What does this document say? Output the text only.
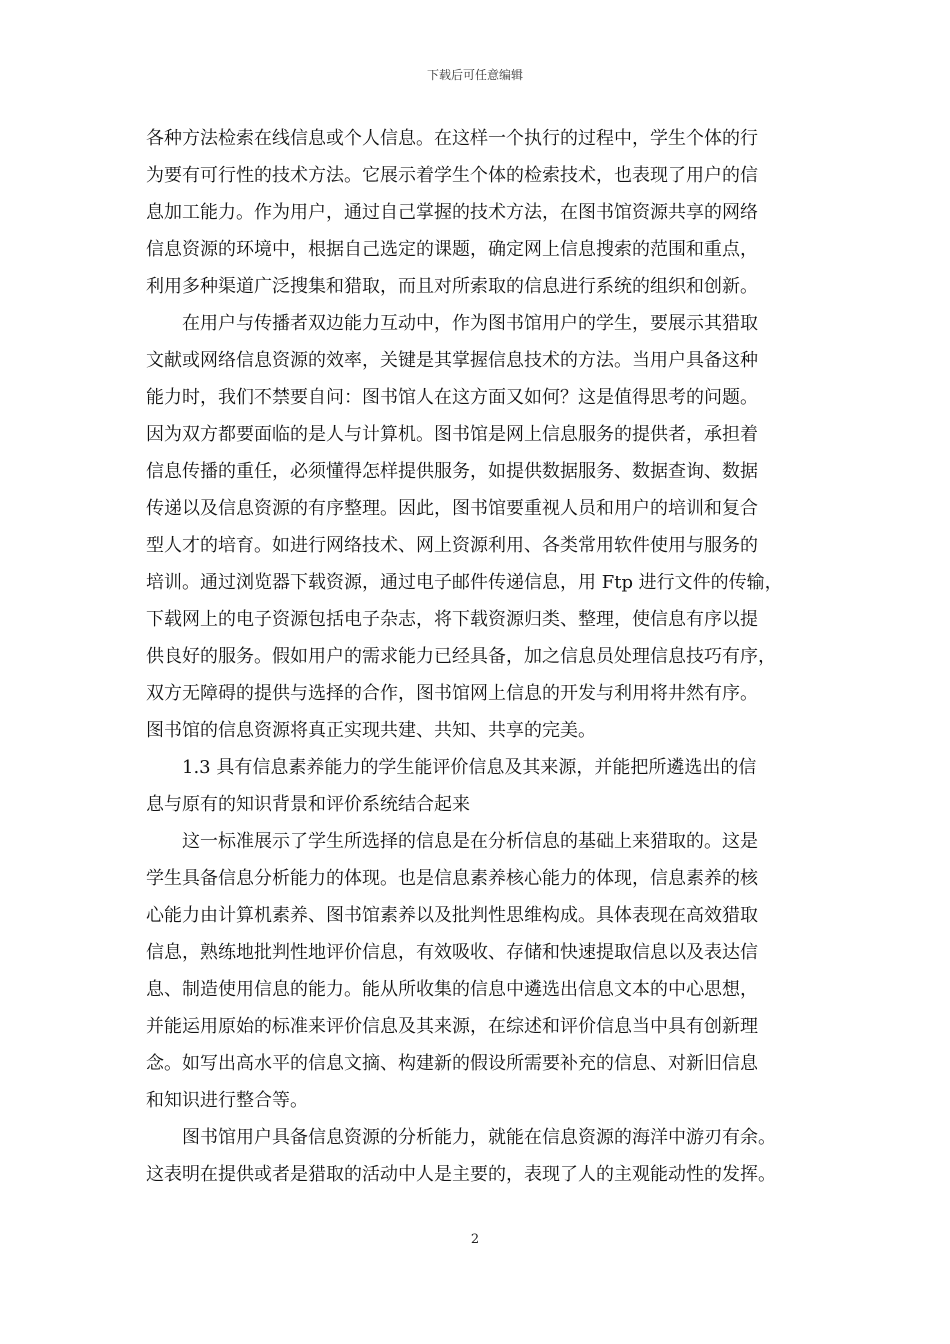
下载后可任意编辑
各种方法检索在线信息或个人信息。在这样一个执行的过程中，学生个体的行
为要有可行性的技术方法。它展示着学生个体的检索技术，也表现了用户的信
息加工能力。作为用户，通过自己掌握的技术方法，在图书馆资源共享的网络
信息资源的环境中，根据自己选定的课题，确定网上信息搜索的范围和重点，
利用多种渠道广泛搜集和猎取，而且对所索取的信息进行系统的组织和创新。
在用户与传播者双边能力互动中，作为图书馆用户的学生，要展示其猎取
文献或网络信息资源的效率，关键是其掌握信息技术的方法。当用户具备这种
能力时，我们不禁要自问：图书馆人在这方面又如何？这是值得思考的问题。
因为双方都要面临的是人与计算机。图书馆是网上信息服务的提供者，承担着
信息传播的重任，必须懂得怎样提供服务，如提供数据服务、数据查询、数据
传递以及信息资源的有序整理。因此，图书馆要重视人员和用户的培训和复合
型人才的培育。如进行网络技术、网上资源利用、各类常用软件使用与服务的
培训。通过浏览器下载资源，通过电子邮件传递信息，用 Ftp 进行文件的传输，
下载网上的电子资源包括电子杂志，将下载资源归类、整理，使信息有序以提
供良好的服务。假如用户的需求能力已经具备，加之信息员处理信息技巧有序，
双方无障碍的提供与选择的合作，图书馆网上信息的开发与利用将井然有序。
图书馆的信息资源将真正实现共建、共知、共享的完美。
1.3 具有信息素养能力的学生能评价信息及其来源，并能把所遴选出的信
息与原有的知识背景和评价系统结合起来
这一标准展示了学生所选择的信息是在分析信息的基础上来猎取的。这是
学生具备信息分析能力的体现。也是信息素养核心能力的体现，信息素养的核
心能力由计算机素养、图书馆素养以及批判性思维构成。具体表现在高效猎取
信息，熟练地批判性地评价信息，有效吸收、存储和快速提取信息以及表达信
息、制造使用信息的能力。能从所收集的信息中遴选出信息文本的中心思想，
并能运用原始的标准来评价信息及其来源，在综述和评价信息当中具有创新理
念。如写出高水平的信息文摘、构建新的假设所需要补充的信息、对新旧信息
和知识进行整合等。
图书馆用户具备信息资源的分析能力，就能在信息资源的海洋中游刃有余。
这表明在提供或者是猎取的活动中人是主要的，表现了人的主观能动性的发挥。
2
